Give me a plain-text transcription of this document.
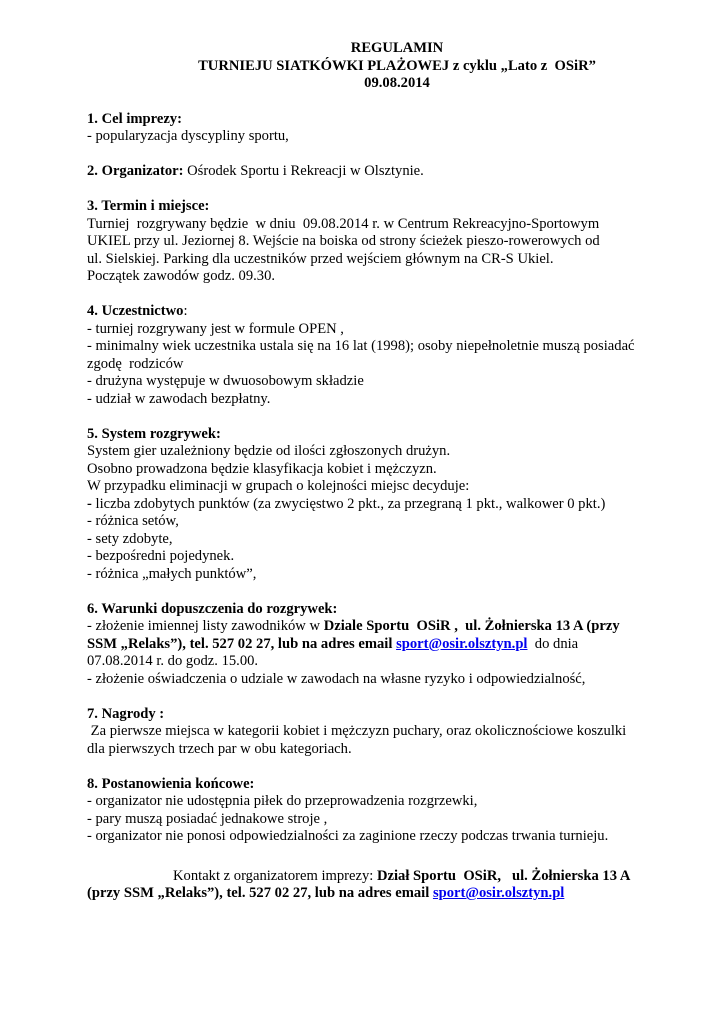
REGULAMIN
TURNIEJU SIATKÓWKI PLAŻOWEJ z cyklu „Lato z  OSiR”
09.08.2014
1. Cel imprezy:
- popularyzacja dyscypliny sportu,
2. Organizator: Ośrodek Sportu i Rekreacji w Olsztynie.
3. Termin i miejsce:
Turniej  rozgrywany będzie  w dniu  09.08.2014 r. w Centrum Rekreacyjno-Sportowym
UKIEL przy ul. Jeziornej 8. Wejście na boiska od strony ścieżek pieszo-rowerowych od
ul. Sielskiej. Parking dla uczestników przed wejściem głównym na CR-S Ukiel.
Początek zawodów godz. 09.30.
4. Uczestnictwo:
- turniej rozgrywany jest w formule OPEN ,
- minimalny wiek uczestnika ustala się na 16 lat (1998); osoby niepełnoletnie muszą posiadać
zgodę  rodziców
- drużyna występuje w dwuosobowym składzie
- udział w zawodach bezpłatny.
5. System rozgrywek:
System gier uzależniony będzie od ilości zgłoszonych drużyn.
Osobno prowadzona będzie klasyfikacja kobiet i mężczyzn.
W przypadku eliminacji w grupach o kolejności miejsc decyduje:
- liczba zdobytych punktów (za zwycięstwo 2 pkt., za przegraną 1 pkt., walkower 0 pkt.)
- różnica setów,
- sety zdobyte,
- bezpośredni pojedynek.
- różnica „małych punktów”,
6. Warunki dopuszczenia do rozgrywek:
- złożenie imiennej listy zawodników w Dziale Sportu  OSiR ,  ul. Żołnierska 13 A (przy
SSM „Relaks”), tel. 527 02 27, lub na adres email sport@osir.olsztyn.pl  do dnia
07.08.2014 r. do godz. 15.00.
- złożenie oświadczenia o udziale w zawodach na własne ryzyko i odpowiedzialność,
7. Nagrody :
Za pierwsze miejsca w kategorii kobiet i mężczyzn puchary, oraz okolicznościowe koszulki
dla pierwszych trzech par w obu kategoriach.
8. Postanowienia końcowe:
- organizator nie udostępnia piłek do przeprowadzenia rozgrzewki,
- pary muszą posiadać jednakowe stroje ,
- organizator nie ponosi odpowiedzialności za zaginione rzeczy podczas trwania turnieju.
Kontakt z organizatorem imprezy: Dział Sportu  OSiR,   ul. Żołnierska 13 A
(przy SSM „Relaks”), tel. 527 02 27, lub na adres email sport@osir.olsztyn.pl
